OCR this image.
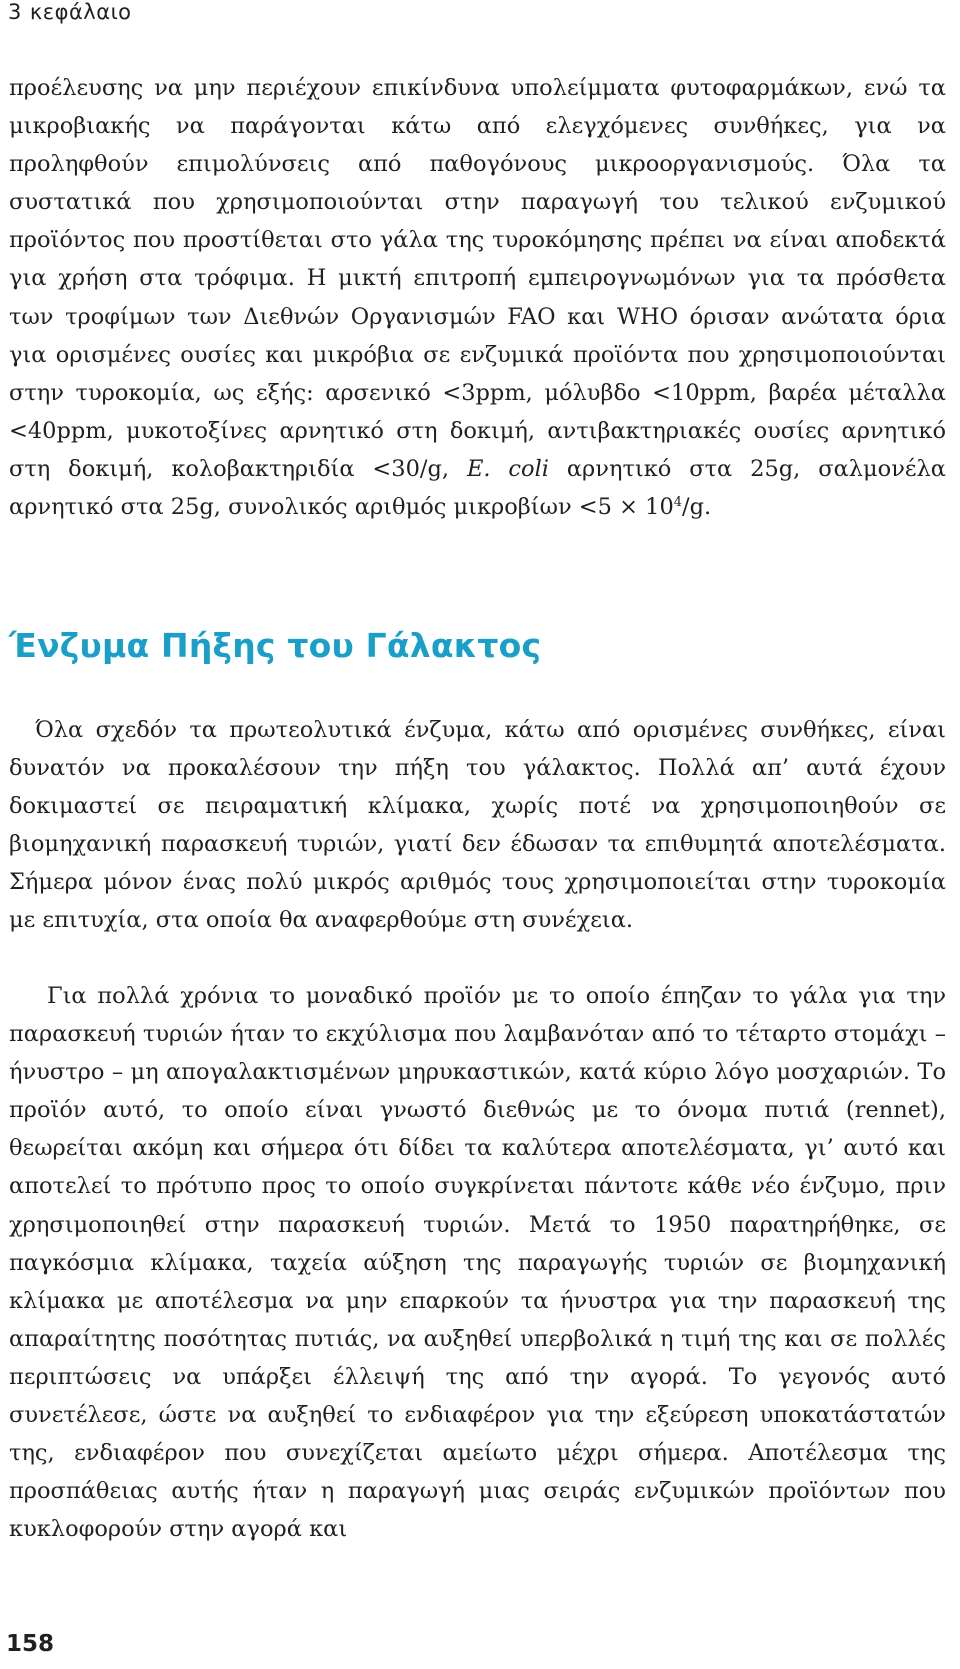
3 κεφάλαιο

προέλευσης να μην περιέχουν επικίνδυνα υπολείμματα φυτοφαρμάκων, ενώ τα μικροβιακής να παράγονται κάτω από ελεγχόμενες συνθήκες, για να προληφθούν επιμολύνσεις από παθογόνους μικροοργανισμούς. Όλα τα συστατικά που χρησιμοποιούνται στην παραγωγή του τελικού ενζυμικού προϊόντος που προστίθεται στο γάλα της τυροκόμησης πρέπει να είναι αποδεκτά για χρήση στα τρόφιμα. Η μικτή επιτροπή εμπειρογνωμόνων για τα πρόσθετα των τροφίμων των Διεθνών Οργανισμών FAO και WHO όρισαν ανώτατα όρια για ορισμένες ουσίες και μικρόβια σε ενζυμικά προϊόντα που χρησιμοποιούνται στην τυροκομία, ως εξής: αρσενικό <3ppm, μόλυβδο <10ppm, βαρέα μέταλλα <40ppm, μυκοτοξίνες αρνητικό στη δοκιμή, αντιβακτηριακές ουσίες αρνητικό στη δοκιμή, κολοβακτηριδία <30/g, E. coli αρνητικό στα 25g, σαλμονέλα αρνητικό στα 25g, συνολικός αριθμός $\mu\iota\kappa\rho o\beta ί\omega\nu <5 \times 10^4/g$.

Ένζυμα Πήξης του Γάλακτος

Όλα σχεδόν τα πρωτεολυτικά ένζυμα, κάτω από ορισμένες συνθήκες, είναι δυνατόν να προκαλέσουν την πήξη του γάλακτος. Πολλά απ’ αυτά έχουν δοκιμαστεί σε πειραματική κλίμακα, χωρίς ποτέ να χρησιμοποιηθούν σε βιομηχανική παρασκευή τυριών, γιατί δεν έδωσαν τα επιθυμητά αποτελέσματα. Σήμερα μόνον ένας πολύ μικρός αριθμός τους χρησιμοποιείται στην τυροκομία με επιτυχία, στα οποία θα αναφερθούμε στη συνέχεια.

Για πολλά χρόνια το μοναδικό προϊόν με το οποίο έπηζαν το γάλα για την παρασκευή τυριών ήταν το εκχύλισμα που λαμβανόταν από το τέταρτο στομάχι – ήνυστρο – μη απογαλακτισμένων μηρυκαστικών, κατά κύριο λόγο μοσχαριών. Το προϊόν αυτό, το οποίο είναι γνωστό διεθνώς με το όνομα πυτιά (rennet), θεωρείται ακόμη και σήμερα ότι δίδει τα καλύτερα αποτελέσματα, γι’ αυτό και αποτελεί το πρότυπο προς το οποίο συγκρίνεται πάντοτε κάθε νέο ένζυμο, πριν χρησιμοποιηθεί στην παρασκευή τυριών. Μετά το 1950 παρατηρήθηκε, σε παγκόσμια κλίμακα, ταχεία αύξηση της παραγωγής τυριών σε βιομηχανική κλίμακα με αποτέλεσμα να μην επαρκούν τα ήνυστρα για την παρασκευή της απαραίτητης ποσότητας πυτιάς, να αυξηθεί υπερβολικά η τιμή της και σε πολλές περιπτώσεις να υπάρξει έλλειψή της από την αγορά. Το γεγονός αυτό συνετέλεσε, ώστε να αυξηθεί το ενδιαφέρον για την εξεύρεση υποκατάστατών της, ενδιαφέρον που συνεχίζεται αμείωτο μέχρι σήμερα. Αποτέλεσμα της προσπάθειας αυτής ήταν η παραγωγή μιας σειράς ενζυμικών προϊόντων που κυκλοφορούν στην αγορά και

158
